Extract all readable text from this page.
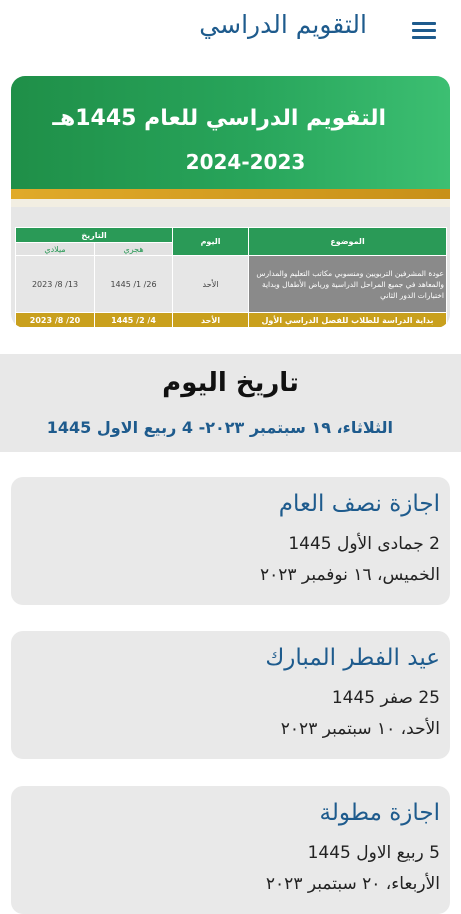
التقويم الدراسي
التقويم الدراسي للعام 1445هـ
2024-2023
الموضوع	اليوم	التاريخ	
		هجري	ميلادي
عودة المشرفين التربويين ومنسوبي مكاتب التعليم والمدارس والمعاهد في جميع المراحل الدراسية ورياض الأطفال وبداية اختبارات الدور الثاني	الأحد	26/ 1/ 1445	13/ 8/ 2023
بداية الدراسة للطلاب للفصل الدراسي الأول	الأحد	4/ 2/ 1445	20/ 8/ 2023
تاريخ اليوم
الثلاثاء، ١٩ سبتمبر ٢٠٢٣- 4 ربيع الاول 1445
اجازة نصف العام
2 جمادى الأول 1445
الخميس، ١٦ نوفمبر ٢٠٢٣
عيد الفطر المبارك
25 صفر 1445
الأحد، ١٠ سبتمبر ٢٠٢٣
اجازة مطولة
5 ربيع الاول 1445
الأربعاء، ٢٠ سبتمبر ٢٠٢٣
